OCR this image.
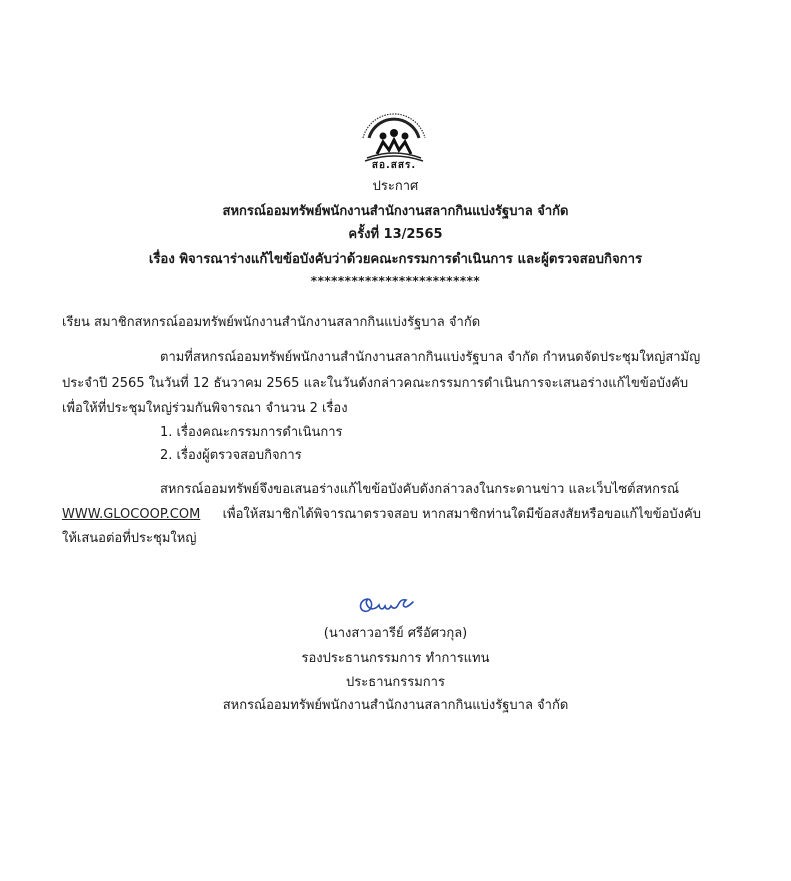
สอ.สสร.
ประกาศ
สหกรณ์ออมทรัพย์พนักงานสำนักงานสลากกินแบ่งรัฐบาล จำกัด
ครั้งที่ 13/2565
เรื่อง พิจารณาร่างแก้ไขข้อบังคับว่าด้วยคณะกรรมการดำเนินการ และผู้ตรวจสอบกิจการ
*************************
เรียน สมาชิกสหกรณ์ออมทรัพย์พนักงานสำนักงานสลากกินแบ่งรัฐบาล จำกัด
ตามที่สหกรณ์ออมทรัพย์พนักงานสำนักงานสลากกินแบ่งรัฐบาล จำกัด กำหนดจัดประชุมใหญ่สามัญ
ประจำปี 2565 ในวันที่ 12 ธันวาคม 2565 และในวันดังกล่าวคณะกรรมการดำเนินการจะเสนอร่างแก้ไขข้อบังคับ
เพื่อให้ที่ประชุมใหญ่ร่วมกันพิจารณา จำนวน 2 เรื่อง
1. เรื่องคณะกรรมการดำเนินการ
2. เรื่องผู้ตรวจสอบกิจการ
สหกรณ์ออมทรัพย์จึงขอเสนอร่างแก้ไขข้อบังคับดังกล่าวลงในกระดานข่าว และเว็บไซต์สหกรณ์
WWW.GLOCOOP.COM เพื่อให้สมาชิกได้พิจารณาตรวจสอบ หากสมาชิกท่านใดมีข้อสงสัยหรือขอแก้ไขข้อบังคับ
ให้เสนอต่อที่ประชุมใหญ่
(นางสาวอารีย์ ศรีอัศวกุล)
รองประธานกรรมการ ทำการแทน
ประธานกรรมการ
สหกรณ์ออมทรัพย์พนักงานสำนักงานสลากกินแบ่งรัฐบาล จำกัด
